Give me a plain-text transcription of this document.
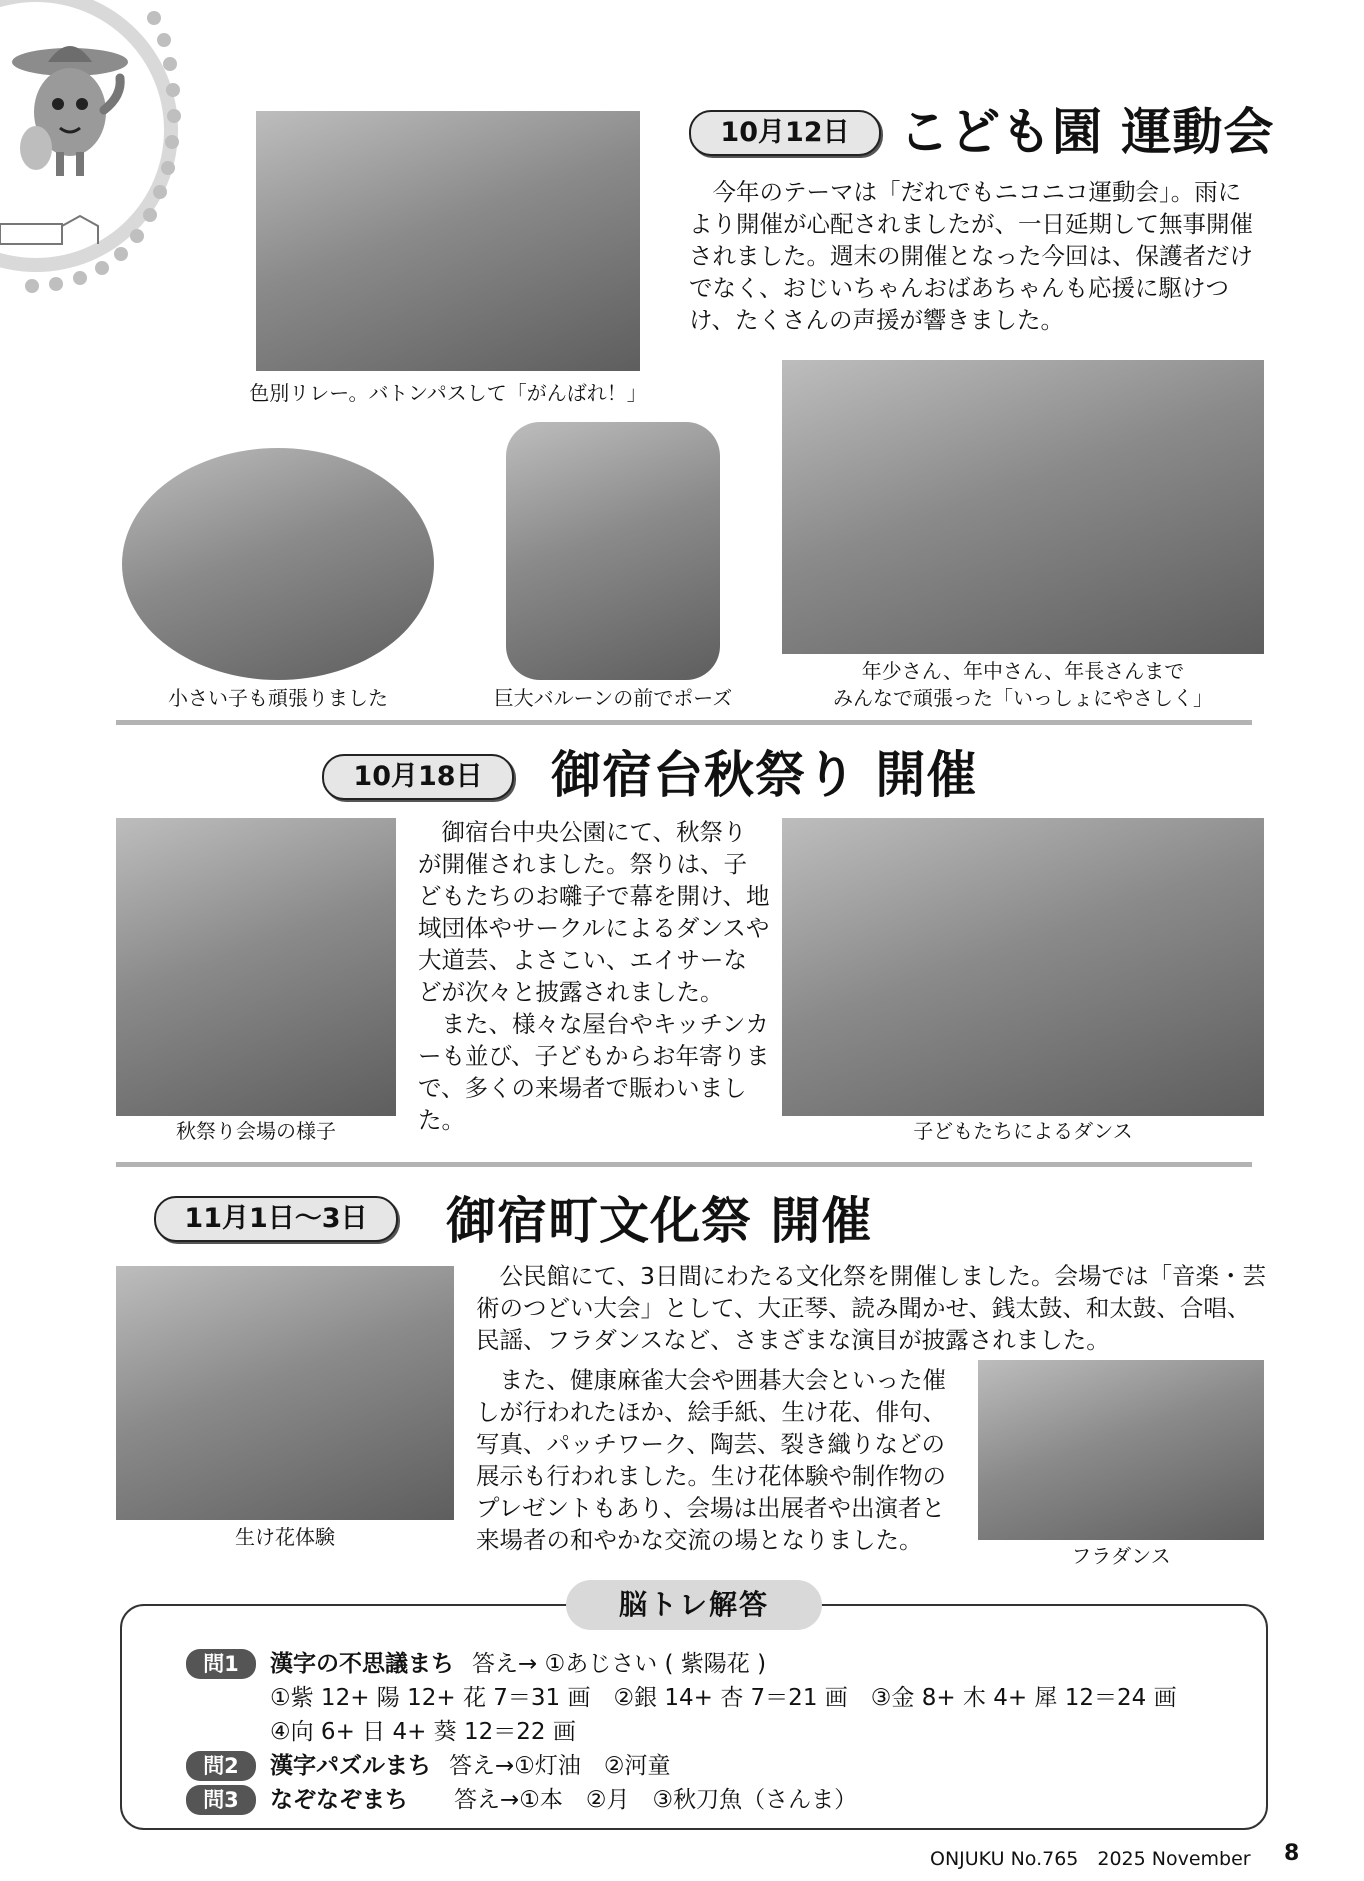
色別リレー。バトンパスして「がんばれ！」
10月12日 こども園 運動会

今年のテーマは「だれでもニコニコ運動会」。雨により開催が心配されましたが、一日延期して無事開催されました。週末の開催となった今回は、保護者だけでなく、おじいちゃんおばあちゃんも応援に駆けつけ、たくさんの声援が響きました。

小さい子も頑張りました	巨大バルーンの前でポーズ
年少さん、年中さん、年長さんまで
みんなで頑張った「いっしょにやさしく」
10月18日	御宿台秋祭り 開催
秋祭り会場の様子

御宿台中央公園にて、秋祭りが開催されました。祭りは、子どもたちのお囃子で幕を開け、地域団体やサークルによるダンスや大道芸、よさこい、エイサーなどが次々と披露されました。

また、様々な屋台やキッチンカーも並び、子どもからお年寄りまで、多くの来場者で賑わいました。	子どもたちによるダンス
11月1日〜3日	御宿町文化祭 開催
生け花体験

公民館にて、3日間にわたる文化祭を開催しました。会場では「音楽・芸術のつどい大会」として、大正琴、読み聞かせ、銭太鼓、和太鼓、合唱、民謡、フラダンスなど、さまざまな演目が披露されました。

また、健康麻雀大会や囲碁大会といった催しが行われたほか、絵手紙、生け花、俳句、写真、パッチワーク、陶芸、裂き織りなどの展示も行われました。生け花体験や制作物のプレゼントもあり、会場は出展者や出演者と来場者の和やかな交流の場となりました。

フラダンス
脳トレ解答
問1 漢字の不思議まち 答え→ ①あじさい ( 紫陽花 )
①紫 12+ 陽 12+ 花 7＝31 画　②銀 14+ 杏 7＝21 画　③金 8+ 木 4+ 犀 12＝24 画
④向 6+ 日 4+ 葵 12＝22 画
問2 漢字パズルまち 答え→①灯油　②河童
問3 なぞなぞまち 答え→①本　②月　③秋刀魚（さんま）
ONJUKU No.765　2025 November 8
